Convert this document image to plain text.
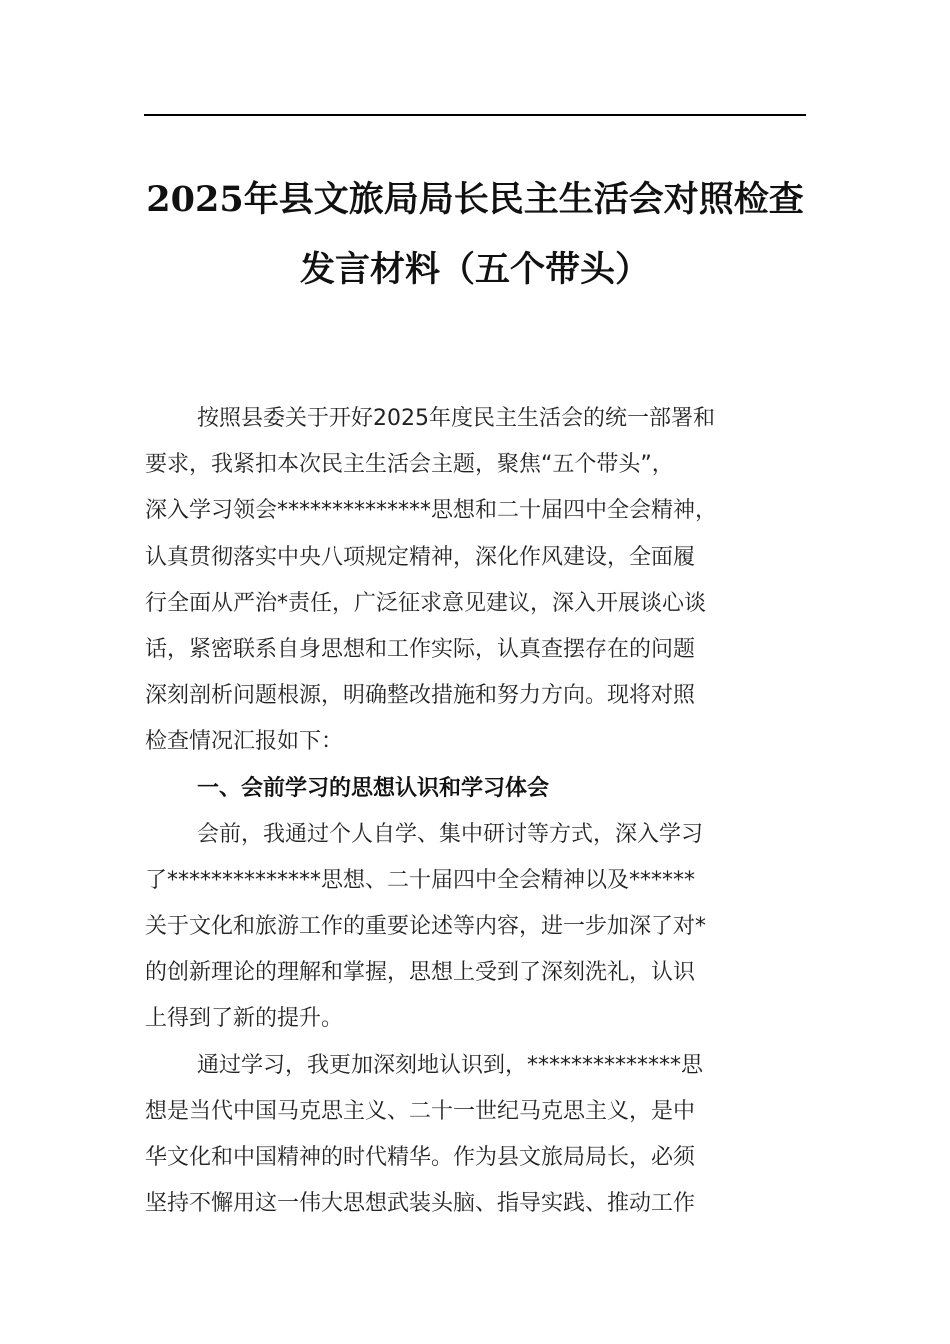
2025年县文旅局局长民主生活会对照检查
发言材料（五个带头）
按照县委关于开好2025年度民主生活会的统一部署和
要求，我紧扣本次民主生活会主题，聚焦“五个带头”，
深入学习领会**************思想和二十届四中全会精神，
认真贯彻落实中央八项规定精神，深化作风建设，全面履
行全面从严治*责任，广泛征求意见建议，深入开展谈心谈
话，紧密联系自身思想和工作实际，认真查摆存在的问题
深刻剖析问题根源，明确整改措施和努力方向。现将对照
检查情况汇报如下：
一、会前学习的思想认识和学习体会
会前，我通过个人自学、集中研讨等方式，深入学习
了**************思想、二十届四中全会精神以及******
关于文化和旅游工作的重要论述等内容，进一步加深了对*
的创新理论的理解和掌握，思想上受到了深刻洗礼，认识
上得到了新的提升。
通过学习，我更加深刻地认识到，**************思
想是当代中国马克思主义、二十一世纪马克思主义，是中
华文化和中国精神的时代精华。作为县文旅局局长，必须
坚持不懈用这一伟大思想武装头脑、指导实践、推动工作
